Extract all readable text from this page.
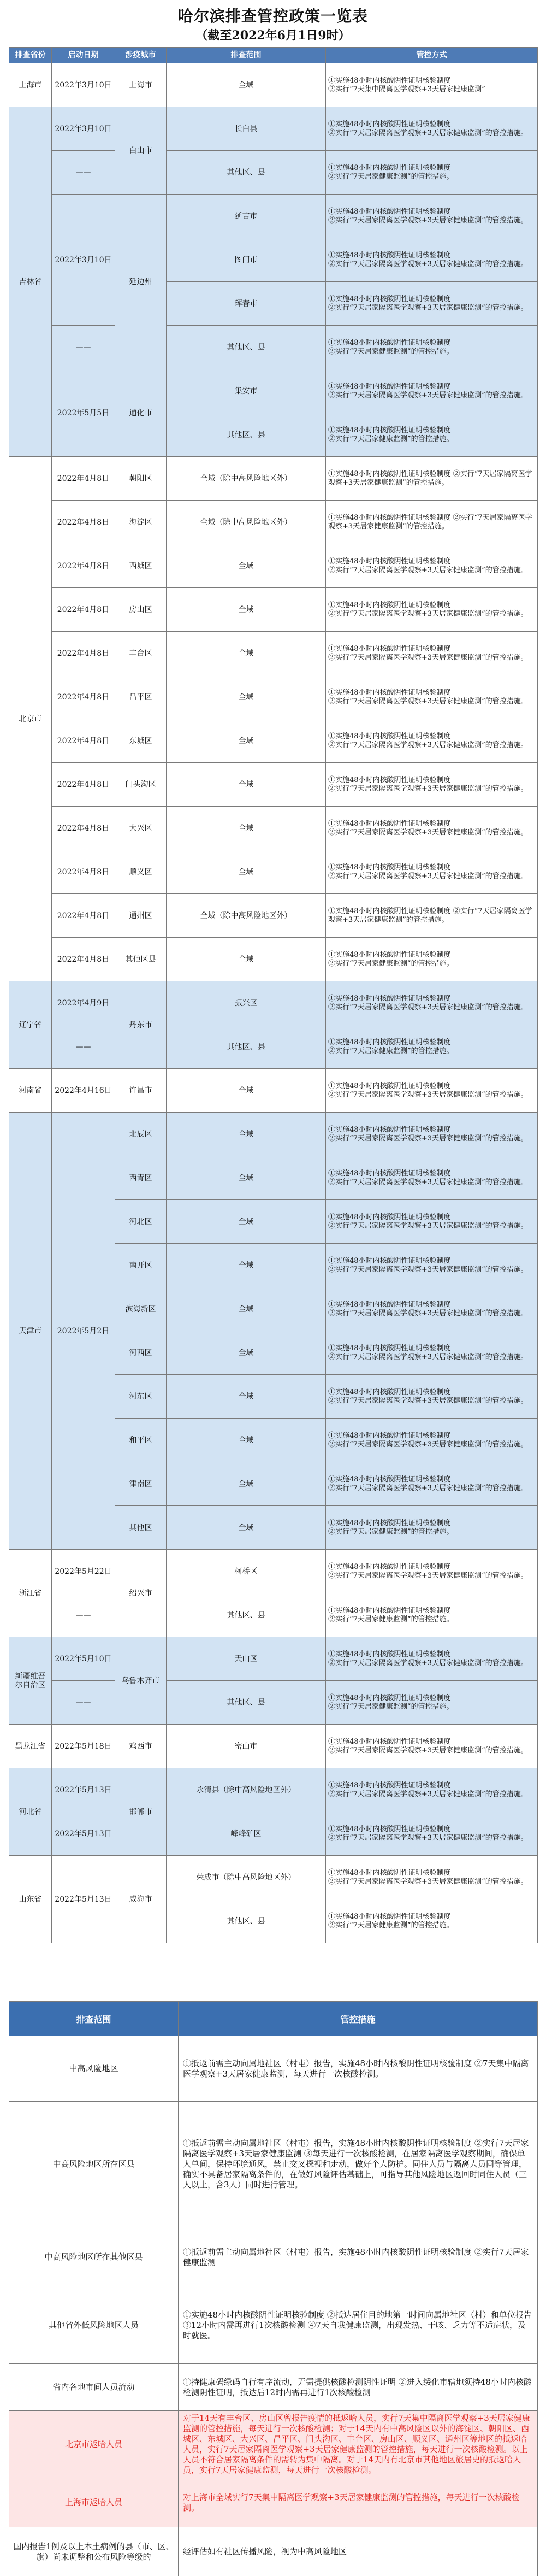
哈尔滨排查管控政策一览表
（截至2022年6月1日9时）
排查省份	启动日期	涉疫城市	排查范围	管控方式
上海市	2022年3月10日	上海市	全域	①实施48小时内核酸阴性证明核验制度
②实行“7天集中隔离医学观察+3天居家健康监测”
吉林省	2022年3月10日	白山市	长白县	①实施48小时内核酸阴性证明核验制度
②实行“7天居家隔离医学观察+3天居家健康监测”的管控措施。
	——		其他区、县	①实施48小时内核酸阴性证明核验制度
②实行“7天居家健康监测”的管控措施。
	2022年3月10日	延边州	延吉市	①实施48小时内核酸阴性证明核验制度
②实行“7天居家隔离医学观察+3天居家健康监测”的管控措施。
			图门市	①实施48小时内核酸阴性证明核验制度
②实行“7天居家隔离医学观察+3天居家健康监测”的管控措施。
			珲春市	①实施48小时内核酸阴性证明核验制度
②实行“7天居家隔离医学观察+3天居家健康监测”的管控措施。
	——		其他区、县	①实施48小时内核酸阴性证明核验制度
②实行“7天居家健康监测”的管控措施。
	2022年5月5日	通化市	集安市	①实施48小时内核酸阴性证明核验制度
②实行“7天居家隔离医学观察+3天居家健康监测”的管控措施。
			其他区、县	①实施48小时内核酸阴性证明核验制度
②实行“7天居家健康监测”的管控措施。
北京市	2022年4月8日	朝阳区	全域（除中高风险地区外）	①实施48小时内核酸阴性证明核验制度 ②实行“7天居家隔离医学观察+3天居家健康监测”的管控措施。
	2022年4月8日	海淀区	全域（除中高风险地区外）	①实施48小时内核酸阴性证明核验制度 ②实行“7天居家隔离医学观察+3天居家健康监测”的管控措施。
	2022年4月8日	西城区	全域	①实施48小时内核酸阴性证明核验制度
②实行“7天居家隔离医学观察+3天居家健康监测”的管控措施。
	2022年4月8日	房山区	全域	①实施48小时内核酸阴性证明核验制度
②实行“7天居家隔离医学观察+3天居家健康监测”的管控措施。
	2022年4月8日	丰台区	全域	①实施48小时内核酸阴性证明核验制度
②实行“7天居家隔离医学观察+3天居家健康监测”的管控措施。
	2022年4月8日	昌平区	全域	①实施48小时内核酸阴性证明核验制度
②实行“7天居家隔离医学观察+3天居家健康监测”的管控措施。
	2022年4月8日	东城区	全域	①实施48小时内核酸阴性证明核验制度
②实行“7天居家隔离医学观察+3天居家健康监测”的管控措施。
	2022年4月8日	门头沟区	全域	①实施48小时内核酸阴性证明核验制度
②实行“7天居家隔离医学观察+3天居家健康监测”的管控措施。
	2022年4月8日	大兴区	全域	①实施48小时内核酸阴性证明核验制度
②实行“7天居家隔离医学观察+3天居家健康监测”的管控措施。
	2022年4月8日	顺义区	全域	①实施48小时内核酸阴性证明核验制度
②实行“7天居家隔离医学观察+3天居家健康监测”的管控措施。
	2022年4月8日	通州区	全域（除中高风险地区外）	①实施48小时内核酸阴性证明核验制度 ②实行“7天居家隔离医学观察+3天居家健康监测”的管控措施。
	2022年4月8日	其他区县	全域	①实施48小时内核酸阴性证明核验制度
②实行“7天居家健康监测”的管控措施。
辽宁省	2022年4月9日	丹东市	振兴区	①实施48小时内核酸阴性证明核验制度
②实行“7天居家隔离医学观察+3天居家健康监测”的管控措施。
	——		其他区、县	①实施48小时内核酸阴性证明核验制度
②实行“7天居家健康监测”的管控措施。
河南省	2022年4月16日	许昌市	全域	①实施48小时内核酸阴性证明核验制度
②实行“7天居家隔离医学观察+3天居家健康监测”的管控措施。
天津市	2022年5月2日	北辰区	全域	①实施48小时内核酸阴性证明核验制度
②实行“7天居家隔离医学观察+3天居家健康监测”的管控措施。
		西青区	全域	①实施48小时内核酸阴性证明核验制度
②实行“7天居家隔离医学观察+3天居家健康监测”的管控措施。
		河北区	全域	①实施48小时内核酸阴性证明核验制度
②实行“7天居家隔离医学观察+3天居家健康监测”的管控措施。
		南开区	全域	①实施48小时内核酸阴性证明核验制度
②实行“7天居家隔离医学观察+3天居家健康监测”的管控措施。
		滨海新区	全域	①实施48小时内核酸阴性证明核验制度
②实行“7天居家隔离医学观察+3天居家健康监测”的管控措施。
		河西区	全域	①实施48小时内核酸阴性证明核验制度
②实行“7天居家隔离医学观察+3天居家健康监测”的管控措施。
		河东区	全域	①实施48小时内核酸阴性证明核验制度
②实行“7天居家隔离医学观察+3天居家健康监测”的管控措施。
		和平区	全域	①实施48小时内核酸阴性证明核验制度
②实行“7天居家隔离医学观察+3天居家健康监测”的管控措施。
		津南区	全域	①实施48小时内核酸阴性证明核验制度
②实行“7天居家隔离医学观察+3天居家健康监测”的管控措施。
		其他区	全域	①实施48小时内核酸阴性证明核验制度
②实行“7天居家健康监测”的管控措施。
浙江省	2022年5月22日	绍兴市	柯桥区	①实施48小时内核酸阴性证明核验制度
②实行“7天居家隔离医学观察+3天居家健康监测”的管控措施。
	——		其他区、县	①实施48小时内核酸阴性证明核验制度
②实行“7天居家健康监测”的管控措施。
新疆维吾尔自治区	2022年5月10日	乌鲁木齐市	天山区	①实施48小时内核酸阴性证明核验制度
②实行“7天居家隔离医学观察+3天居家健康监测”的管控措施。
	——		其他区、县	①实施48小时内核酸阴性证明核验制度
②实行“7天居家健康监测”的管控措施。
黑龙江省	2022年5月18日	鸡西市	密山市	①实施48小时内核酸阴性证明核验制度
②实行“7天居家隔离医学观察+3天居家健康监测”的管控措施。
河北省	2022年5月13日	邯郸市	永清县（除中高风险地区外）	①实施48小时内核酸阴性证明核验制度
②实行“7天居家隔离医学观察+3天居家健康监测”的管控措施。
	2022年5月13日		峰峰矿区	①实施48小时内核酸阴性证明核验制度
②实行“7天居家隔离医学观察+3天居家健康监测”的管控措施。
山东省	2022年5月13日	威海市	荣成市（除中高风险地区外）	①实施48小时内核酸阴性证明核验制度
②实行“7天居家隔离医学观察+3天居家健康监测”的管控措施。
			其他区、县	①实施48小时内核酸阴性证明核验制度
②实行“7天居家健康监测”的管控措施。
排查范围	管控措施
中高风险地区	①抵返前需主动向属地社区（村屯）报告，实施48小时内核酸阴性证明核验制度 ②7天集中隔离医学观察+3天居家健康监测，每天进行一次核酸检测。
中高风险地区所在区县	①抵返前需主动向属地社区（村屯）报告，实施48小时内核酸阴性证明核验制度 ②实行7天居家隔离医学观察+3天居家健康监测 ③每天进行一次核酸检测，在居家隔离医学观察期间，确保单人单间，保持环境通风，禁止交叉探视和走动，做好个人防护。同住人员与隔离人员同等管理，确实不具备居家隔离条件的，在做好风险评估基础上，可指导其他风险地区返回时同住人员（三人以上，含3人）同时进行管理。
中高风险地区所在其他区县	①抵返前需主动向属地社区（村屯）报告，实施48小时内核酸阴性证明核验制度 ②实行7天居家健康监测
其他省外低风险地区人员	①实施48小时内核酸阴性证明核验制度 ②抵达居住目的地第一时间向属地社区（村）和单位报告 ③12小时内需再进行1次核酸检测 ④7天自我健康监测，出现发热、干咳、乏力等不适症状，及时就医。
省内各地市间人员流动	①持健康码绿码自行有序流动，无需提供核酸检测阴性证明 ②进入绥化市辖地须持48小时内核酸检测阴性证明，抵达后12时内需再进行1次核酸检测
北京市返哈人员	对于14天有丰台区、房山区曾报告疫情的抵返哈人员，实行7天集中隔离医学观察+3天居家健康监测的管控措施，每天进行一次核酸检测；对于14天内有中高风险区以外的海淀区、朝阳区、西城区、东城区、大兴区、昌平区、门头沟区、丰台区、房山区、顺义区、通州区等地区的抵返哈人员，实行7天居家隔离医学观察+3天居家健康监测的管控措施，每天进行一次核酸检测。以上人员不符合居家隔离条件的需转为集中隔离。对于14天内有北京市其他地区旅居史的抵返哈人员，实行7天居家健康监测，每天进行一次核酸检测。
上海市返哈人员	对上海市全域实行7天集中隔离医学观察+3天居家健康监测的管控措施，每天进行一次核酸检测。
国内报告1例及以上本土病例的县（市、区、旗）尚未调整和公布风险等级的	经评估如有社区传播风险，视为中高风险地区
